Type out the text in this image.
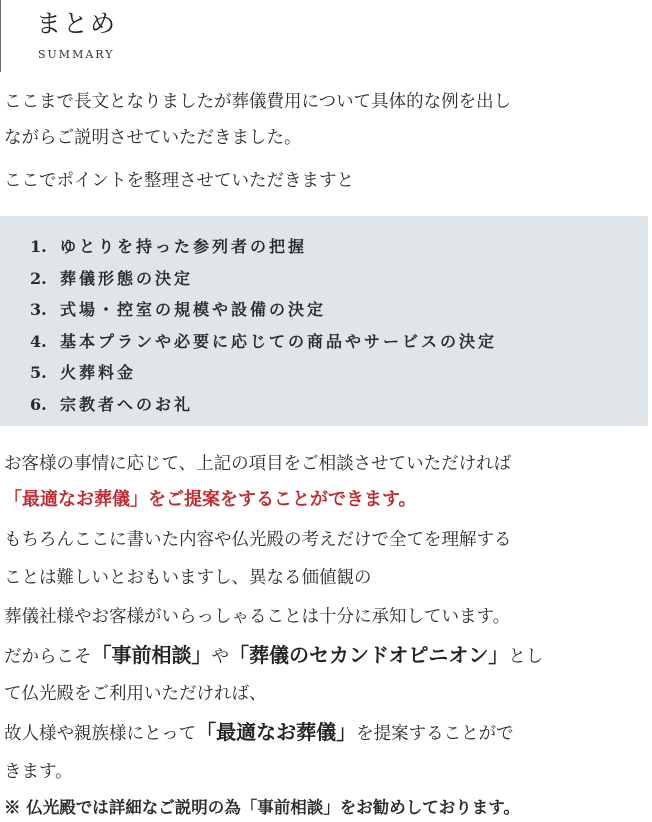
まとめ
SUMMARY
ここまで長文となりましたが葬儀費用について具体的な例を出し
ながらご説明させていただきました。
ここでポイントを整理させていただきますと
1. ゆとりを持った参列者の把握
2. 葬儀形態の決定
3. 式場・控室の規模や設備の決定
4. 基本プランや必要に応じての商品やサービスの決定
5. 火葬料金
6. 宗教者へのお礼
お客様の事情に応じて、上記の項目をご相談させていただければ
「最適なお葬儀」をご提案をすることができます。
もちろんここに書いた内容や仏光殿の考えだけで全てを理解する
ことは難しいとおもいますし、異なる価値観の
葬儀社様やお客様がいらっしゃることは十分に承知しています。
だからこそ「事前相談」や「葬儀のセカンドオピニオン」とし
て仏光殿をご利用いただければ、
故人様や親族様にとって「最適なお葬儀」を提案することがで
きます。
※ 仏光殿では詳細なご説明の為「事前相談」をお勧めしております。
